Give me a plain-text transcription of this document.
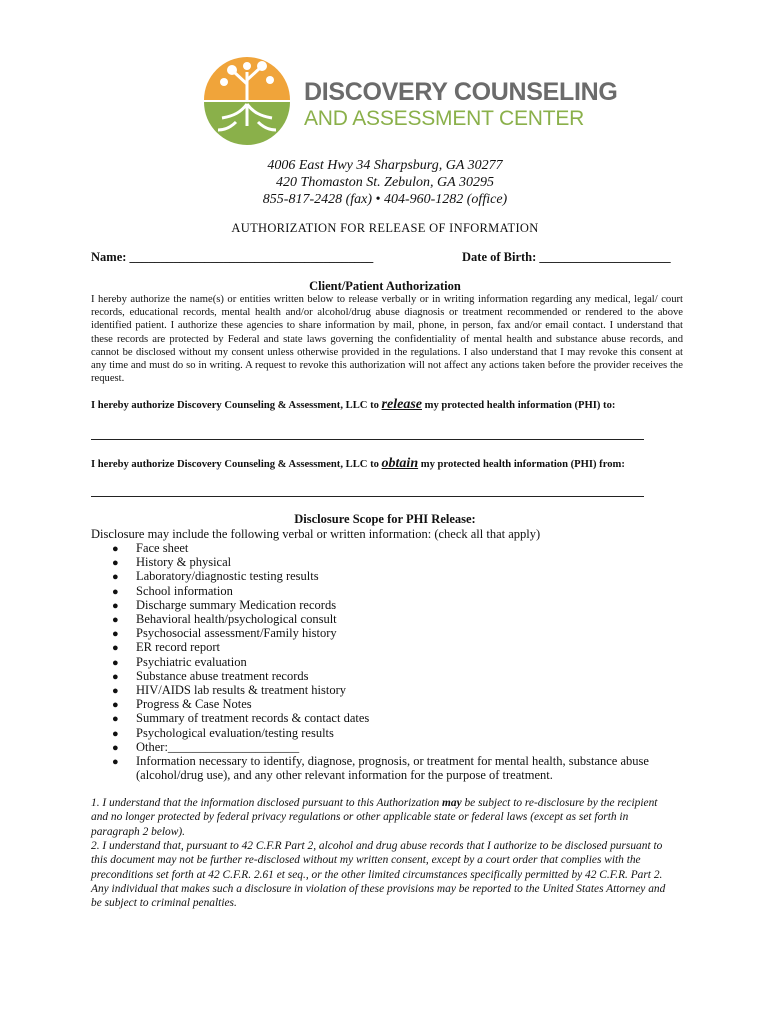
DISCOVERY COUNSELING
AND ASSESSMENT CENTER
4006 East Hwy 34 Sharpsburg, GA 30277
420 Thomaston St. Zebulon, GA 30295
855-817-2428 (fax) • 404-960-1282 (office)
AUTHORIZATION FOR RELEASE OF INFORMATION
Name: _______________________________________	Date of Birth: _____________________
Client/Patient Authorization
I hereby authorize the name(s) or entities written below to release verbally or in writing information regarding any medical, legal/ court records, educational records, mental health and/or alcohol/drug abuse diagnosis or treatment recommended or rendered to the above identified patient. I authorize these agencies to share information by mail, phone, in person, fax and/or email contact. I understand that these records are protected by Federal and state laws governing the confidentiality of mental health and substance abuse records, and cannot be disclosed without my consent unless otherwise provided in the regulations. I also understand that I may revoke this consent at any time and must do so in writing. A request to revoke this authorization will not affect any actions taken before the provider receives the request.
I hereby authorize Discovery Counseling & Assessment, LLC to release my protected health information (PHI) to:
I hereby authorize Discovery Counseling & Assessment, LLC to obtain my protected health information (PHI) from:
Disclosure Scope for PHI Release:
Disclosure may include the following verbal or written information: (check all that apply)
● Face sheet
● History & physical
● Laboratory/diagnostic testing results
● School information
● Discharge summary Medication records
● Behavioral health/psychological consult
● Psychosocial assessment/Family history
● ER record report
● Psychiatric evaluation
● Substance abuse treatment records
● HIV/AIDS lab results & treatment history
● Progress & Case Notes
● Summary of treatment records & contact dates
● Psychological evaluation/testing results
● Other:_____________________
● Information necessary to identify, diagnose, prognosis, or treatment for mental health, substance abuse (alcohol/drug use), and any other relevant information for the purpose of treatment.
1. I understand that the information disclosed pursuant to this Authorization may be subject to re-disclosure by the recipient and no longer protected by federal privacy regulations or other applicable state or federal laws (except as set forth in paragraph 2 below).
2. I understand that, pursuant to 42 C.F.R Part 2, alcohol and drug abuse records that I authorize to be disclosed pursuant to this document may not be further re-disclosed without my written consent, except by a court order that complies with the preconditions set forth at 42 C.F.R. 2.61 et seq., or the other limited circumstances specifically permitted by 42 C.F.R. Part 2. Any individual that makes such a disclosure in violation of these provisions may be reported to the United States Attorney and be subject to criminal penalties.
